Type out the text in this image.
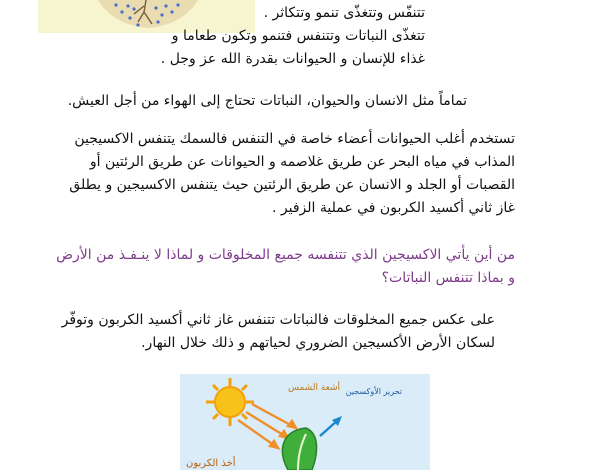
تتنفّس وتتغذّى تنمو وتتكاثر .
تتغذّى النباتات وتتنفس فتنمو وتكون طعاما و
غذاء للإنسان و الحيوانات بقدرة الله عز وجل .
تماماً مثل الانسان والحيوان، النباتات تحتاج إلى الهواء من أجل العيش.
تستخدم أغلب الحيوانات أعضاء خاصة في التنفس فالسمك يتنفس الاكسيجين
المذاب في مياه البحر عن طريق غلاصمه و الحيوانات عن طريق الرئتين أو
القصبات أو الجلد و الانسان عن طريق الرئتين حيث يتنفس الاكسيجين و يطلق
غاز ثاني أكسيد الكربون في عملية الزفير .
من أين يأتي الاكسيجين الذي تتنفسه جميع المخلوقات و لماذا لا ينـفـذ من الأرض
و بماذا تتنفس النباتات؟
على عكس جميع المخلوقات فالنباتات تتنفس غاز ثاني أكسيد الكربون وتوفّر
لسكان الأرض الأكسيجين الضروري لحياتهم و ذلك خلال النهار.
أشعة الشمس تحرير الأوكسجين
أخذ الكربون
